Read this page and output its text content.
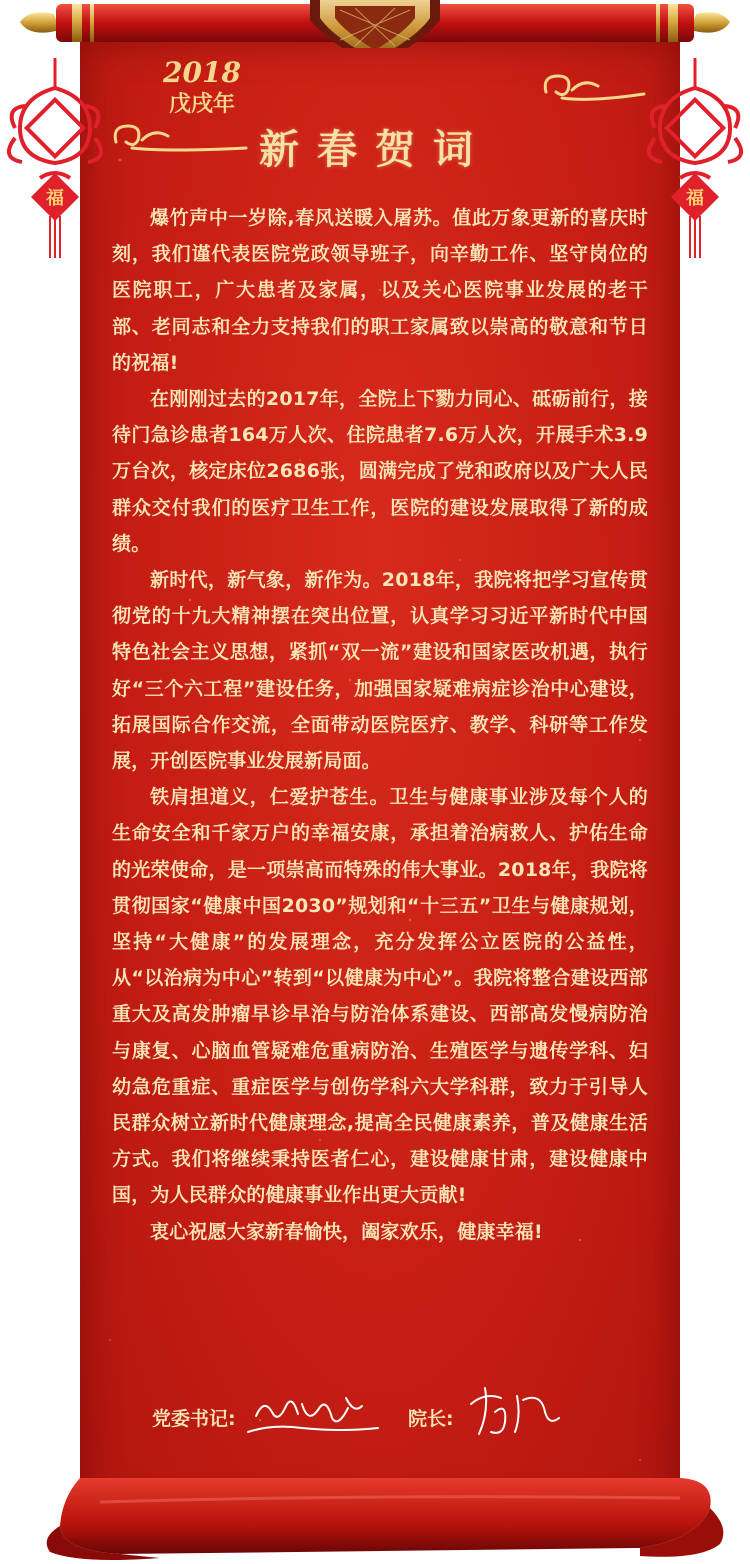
福	福
2018
戊戌年
新春贺词

爆竹声中一岁除,春风送暖入屠苏。值此万象更新的喜庆时刻，我们谨代表医院党政领导班子，向辛勤工作、坚守岗位的医院职工，广大患者及家属，以及关心医院事业发展的老干部、老同志和全力支持我们的职工家属致以崇高的敬意和节日的祝福!

在刚刚过去的2017年，全院上下勠力同心、砥砺前行，接待门急诊患者164万人次、住院患者7.6万人次，开展手术3.9万台次，核定床位2686张，圆满完成了党和政府以及广大人民群众交付我们的医疗卫生工作，医院的建设发展取得了新的成绩。

新时代，新气象，新作为。2018年，我院将把学习宣传贯彻党的十九大精神摆在突出位置，认真学习习近平新时代中国特色社会主义思想，紧抓“双一流”建设和国家医改机遇，执行好“三个六工程”建设任务，加强国家疑难病症诊治中心建设，拓展国际合作交流，全面带动医院医疗、教学、科研等工作发展，开创医院事业发展新局面。

铁肩担道义，仁爱护苍生。卫生与健康事业涉及每个人的生命安全和千家万户的幸福安康，承担着治病救人、护佑生命的光荣使命，是一项崇高而特殊的伟大事业。2018年，我院将贯彻国家“健康中国2030”规划和“十三五”卫生与健康规划，坚持“大健康”的发展理念，充分发挥公立医院的公益性，从“以治病为中心”转到“以健康为中心”。我院将整合建设西部重大及高发肿瘤早诊早治与防治体系建设、西部高发慢病防治与康复、心脑血管疑难危重病防治、生殖医学与遗传学科、妇幼急危重症、重症医学与创伤学科六大学科群，致力于引导人民群众树立新时代健康理念,提高全民健康素养，普及健康生活方式。我们将继续秉持医者仁心，建设健康甘肃，建设健康中国，为人民群众的健康事业作出更大贡献!

衷心祝愿大家新春愉快，阖家欢乐，健康幸福!

党委书记:	院长:
